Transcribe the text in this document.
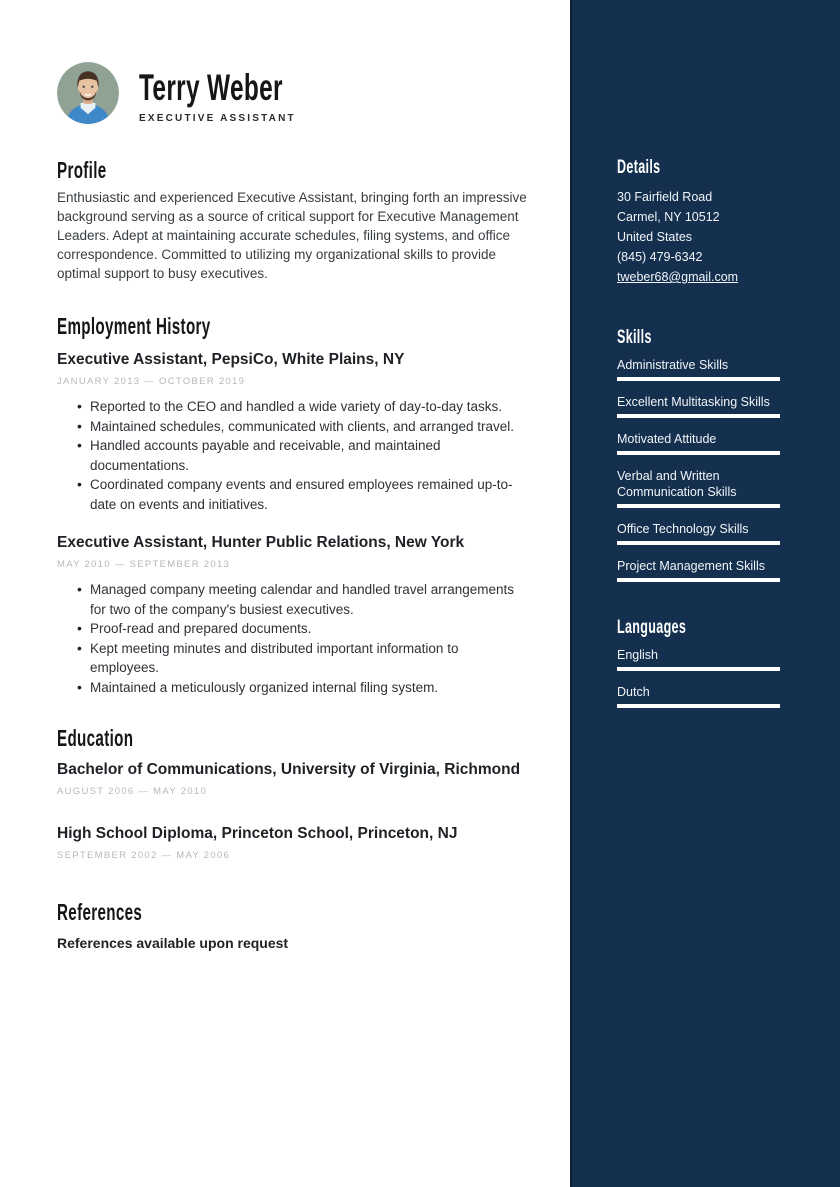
Terry Weber
EXECUTIVE ASSISTANT
Profile
Enthusiastic and experienced Executive Assistant, bringing forth an impressive background serving as a source of critical support for Executive Management Leaders. Adept at maintaining accurate schedules, filing systems, and office correspondence. Committed to utilizing my organizational skills to provide optimal support to busy executives.
Employment History
Executive Assistant, PepsiCo, White Plains, NY
JANUARY 2013 — OCTOBER 2019
• Reported to the CEO and handled a wide variety of day-to-day tasks.
• Maintained schedules, communicated with clients, and arranged travel.
• Handled accounts payable and receivable, and maintained documentations.
• Coordinated company events and ensured employees remained up-to-date on events and initiatives.
Executive Assistant, Hunter Public Relations, New York
MAY 2010 — SEPTEMBER 2013
• Managed company meeting calendar and handled travel arrangements for two of the company's busiest executives.
• Proof-read and prepared documents.
• Kept meeting minutes and distributed important information to employees.
• Maintained a meticulously organized internal filing system.
Education
Bachelor of Communications, University of Virginia, Richmond
AUGUST 2006 — MAY 2010
High School Diploma, Princeton School, Princeton, NJ
SEPTEMBER 2002 — MAY 2006
References
References available upon request
Details
30 Fairfield Road
Carmel, NY 10512
United States
(845) 479-6342
tweber68@gmail.com
Skills
Administrative Skills
Excellent Multitasking Skills
Motivated Attitude
Verbal and Written Communication Skills
Office Technology Skills
Project Management Skills
Languages
English
Dutch
